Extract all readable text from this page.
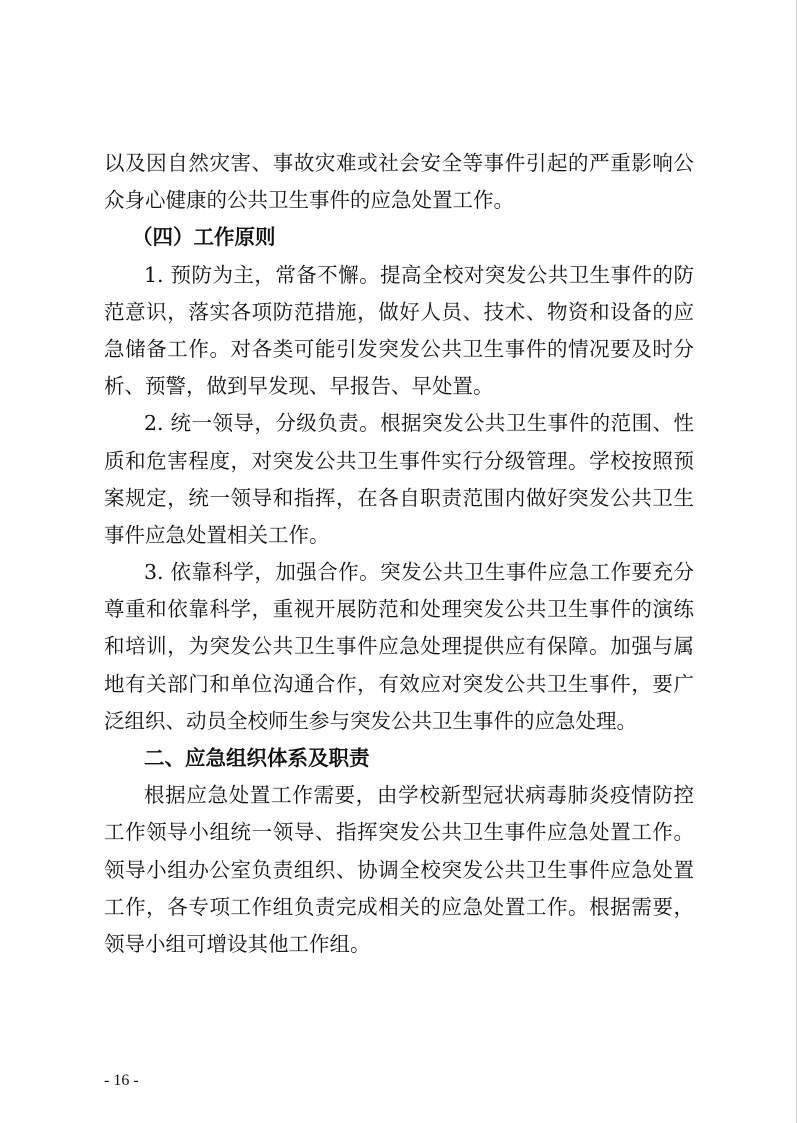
以及因自然灾害、事故灾难或社会安全等事件引起的严重影响公
众身心健康的公共卫生事件的应急处置工作。
（四）工作原则
1. 预防为主，常备不懈。提高全校对突发公共卫生事件的防
范意识，落实各项防范措施，做好人员、技术、物资和设备的应
急储备工作。对各类可能引发突发公共卫生事件的情况要及时分
析、预警，做到早发现、早报告、早处置。
2. 统一领导，分级负责。根据突发公共卫生事件的范围、性
质和危害程度，对突发公共卫生事件实行分级管理。学校按照预
案规定，统一领导和指挥，在各自职责范围内做好突发公共卫生
事件应急处置相关工作。
3. 依靠科学，加强合作。突发公共卫生事件应急工作要充分
尊重和依靠科学，重视开展防范和处理突发公共卫生事件的演练
和培训，为突发公共卫生事件应急处理提供应有保障。加强与属
地有关部门和单位沟通合作，有效应对突发公共卫生事件，要广
泛组织、动员全校师生参与突发公共卫生事件的应急处理。
二、应急组织体系及职责
根据应急处置工作需要，由学校新型冠状病毒肺炎疫情防控
工作领导小组统一领导、指挥突发公共卫生事件应急处置工作。
领导小组办公室负责组织、协调全校突发公共卫生事件应急处置
工作，各专项工作组负责完成相关的应急处置工作。根据需要，
领导小组可增设其他工作组。
- 16 -
